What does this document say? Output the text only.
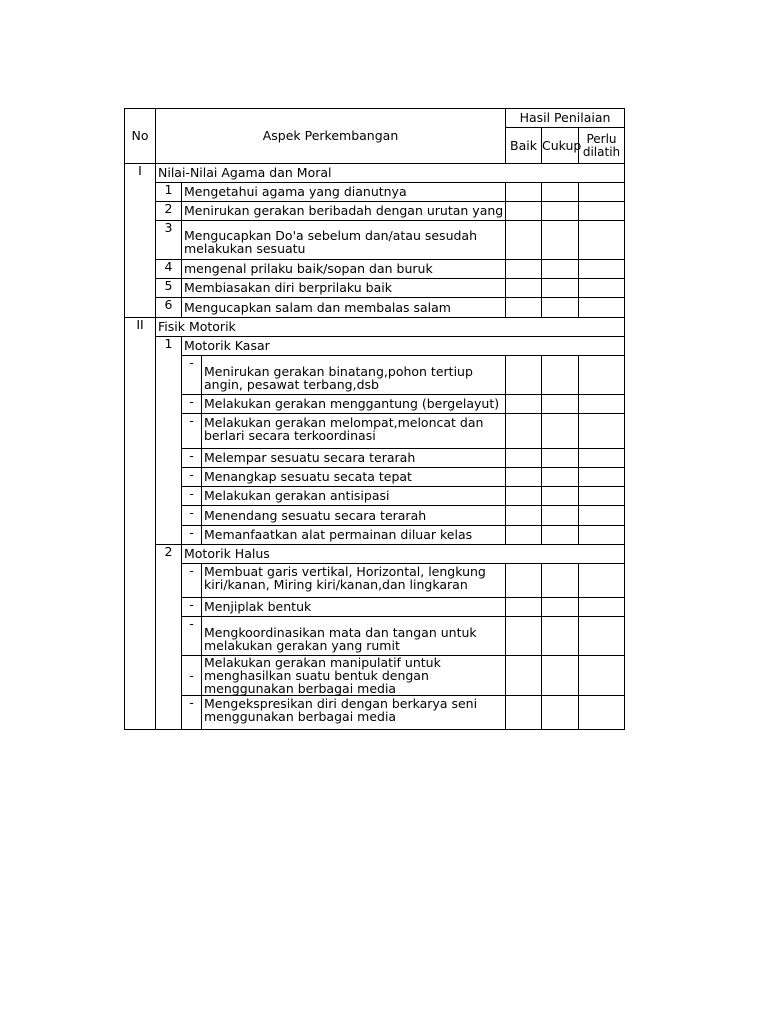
No	Aspek Perkembangan			Hasil Penilaian		
				Baik	Cukup	Perlu dilatih
I	Nilai-Nilai Agama dan Moral					
	1	Mengetahui agama yang dianutnya				
	2	Menirukan gerakan beribadah dengan urutan yang				
	3	Mengucapkan Do'a sebelum dan/atau sesudah melakukan sesuatu				
	4	mengenal prilaku baik/sopan dan buruk				
	5	Membiasakan diri berprilaku baik				
	6	Mengucapkan salam dan membalas salam				
II	Fisik Motorik					
	1	Motorik Kasar				
		-	Menirukan gerakan binatang,pohon tertiup angin, pesawat terbang,dsb			
		-	Melakukan gerakan menggantung (bergelayut)			
		-	Melakukan gerakan melompat,meloncat dan berlari secara terkoordinasi			
		-	Melempar sesuatu secara terarah			
		-	Menangkap sesuatu secata tepat			
		-	Melakukan gerakan antisipasi			
		-	Menendang sesuatu secara terarah			
		-	Memanfaatkan alat permainan diluar kelas			
	2	Motorik Halus				
		-	Membuat garis vertikal, Horizontal, lengkung kiri/kanan, Miring kiri/kanan,dan lingkaran			
		-	Menjiplak bentuk			
		-	Mengkoordinasikan mata dan tangan untuk melakukan gerakan yang rumit			
		-	Melakukan gerakan manipulatif untuk menghasilkan suatu bentuk dengan menggunakan berbagai media			
		-	Mengekspresikan diri dengan berkarya seni menggunakan berbagai media			
